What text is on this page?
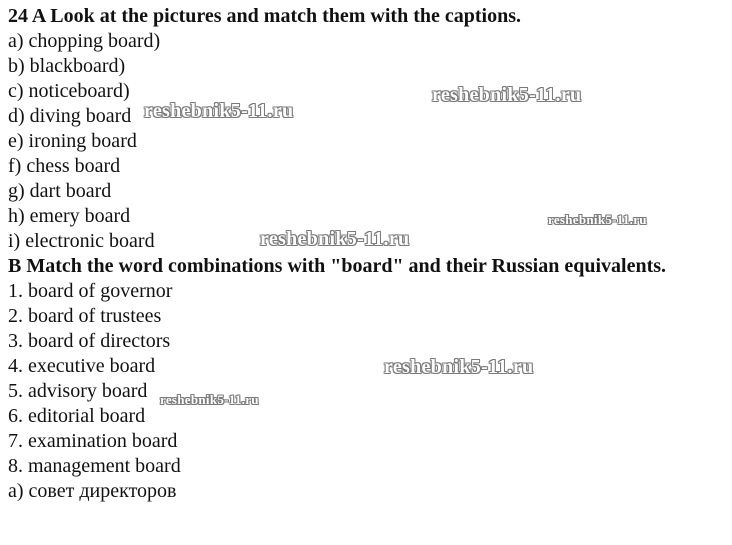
24 A Look at the pictures and match them with the captions.
a) chopping board)
b) blackboard)
c) noticeboard)
d) diving board
e) ironing board
f) chess board
g) dart board
h) emery board
i) electronic board
B Match the word combinations with "board" and their Russian equivalents.
1. board of governor
2. board of trustees
3. board of directors
4. executive board
5. advisory board
6. editorial board
7. examination board
8. management board
а) совет директоров
reshebnik5-11.ru
reshebnik5-11.ru
reshebnik5-11.ru
reshebnik5-11.ru
reshebnik5-11.ru
reshebnik5-11.ru
